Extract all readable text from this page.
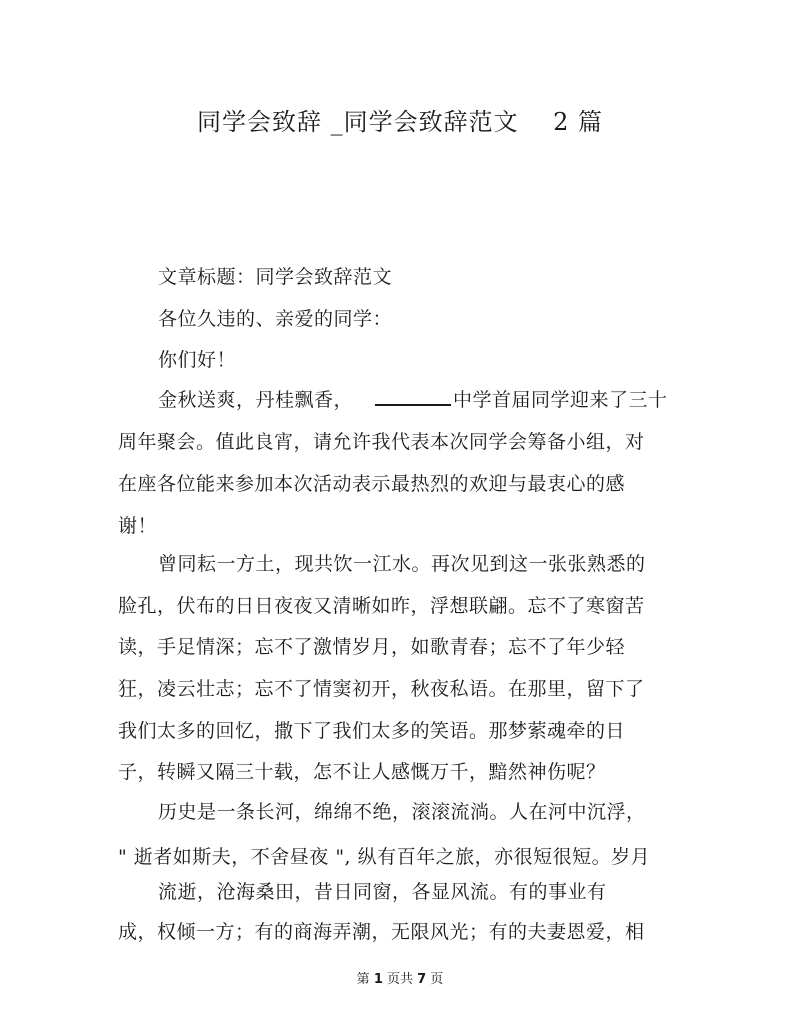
同学会致辞 _同学会致辞范文    2 篇
文章标题：同学会致辞范文
各位久违的、亲爱的同学：
你们好！
金秋送爽，丹桂飘香，	中学首届同学迎来了三十
周年聚会。值此良宵，请允许我代表本次同学会筹备小组，对
在座各位能来参加本次活动表示最热烈的欢迎与最衷心的感
谢！
曾同耘一方土，现共饮一江水。再次见到这一张张熟悉的
脸孔，伏布的日日夜夜又清晰如昨，浮想联翩。忘不了寒窗苦
读，手足情深；忘不了激情岁月，如歌青春；忘不了年少轻
狂，凌云壮志；忘不了情窦初开，秋夜私语。在那里，留下了
我们太多的回忆，撒下了我们太多的笑语。那梦萦魂牵的日
子，转瞬又隔三十载，怎不让人感慨万千，黯然神伤呢？
历史是一条长河，绵绵不绝，滚滚流淌。人在河中沉浮，
" 逝者如斯夫，不舍昼夜 ", 纵有百年之旅，亦很短很短。岁月
流逝，沧海桑田，昔日同窗，各显风流。有的事业有
成，权倾一方；有的商海弄潮，无限风光；有的夫妻恩爱，相
第 1 页共 7 页
